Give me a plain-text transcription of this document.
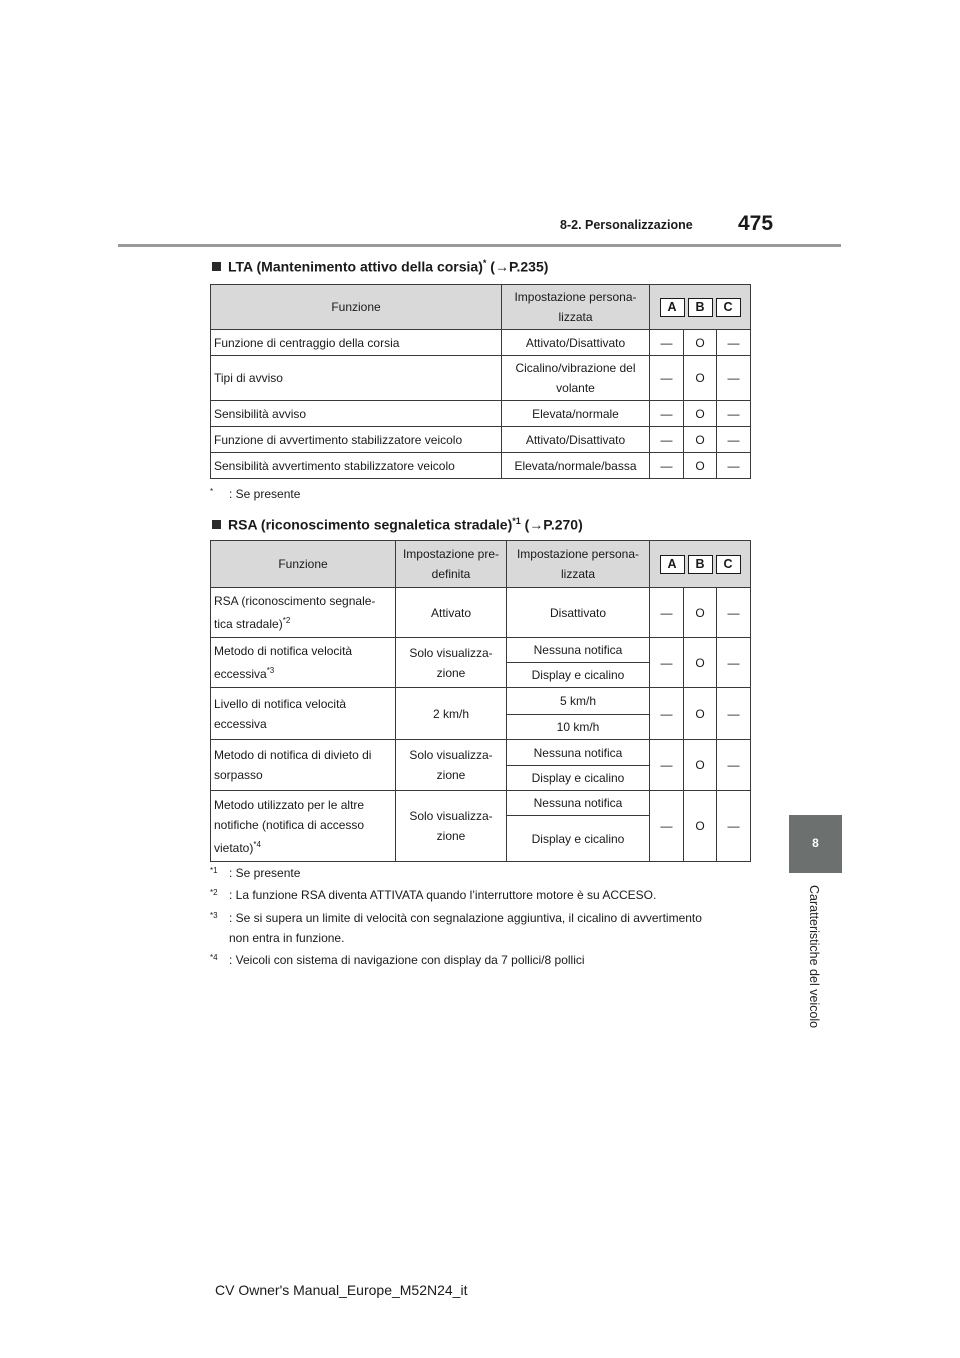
8-2. Personalizzazione 475
8
Caratteristiche del veicolo
LTA (Mantenimento attivo della corsia)* (→P.235)
Funzione	Impostazione persona-lizzata	A B C		

Funzione di centraggio della corsia	Attivato/Disattivato	—	O	—
Tipi di avviso	Cicalino/vibrazione del volante	—	O	—
Sensibilità avviso	Elevata/normale	—	O	—
Funzione di avvertimento stabilizzatore veicolo	Attivato/Disattivato	—	O	—
Sensibilità avvertimento stabilizzatore veicolo	Elevata/normale/bassa	—	O	—
* : Se presente
RSA (riconoscimento segnaletica stradale)$^{*1}$ (→P.270)
Funzione	Impostazione pre-definita	Impostazione persona-lizzata	A B C		

RSA (riconoscimento segnale-tica stradale)$^{*2}$	Attivato	Disattivato	—	O	—
Metodo di notifica velocità eccessiva$^{*3}$	Solo visualizza-zione	Nessuna notifica	—	O	—
		Display e cicalino			
Livello di notifica velocità eccessiva	2 km/h	5 km/h	—	O	—
		10 km/h			
Metodo di notifica di divieto di sorpasso	Solo visualizza-zione	Nessuna notifica	—	O	—
		Display e cicalino			
Metodo utilizzato per le altre notifiche (notifica di accesso vietato)$^{*4}$	Solo visualizza-zione	Nessuna notifica	—	O	—
		Display e cicalino			
$^{*1}$ : Se presente
$^{*2}$ : La funzione RSA diventa ATTIVATA quando l’interruttore motore è su ACCESO.
$^{*3}$ : Se si supera un limite di velocità con segnalazione aggiuntiva, il cicalino di avvertimento
non entra in funzione.
$^{*4}$ : Veicoli con sistema di navigazione con display da 7 pollici/8 pollici
CV Owner's Manual_Europe_M52N24_it
